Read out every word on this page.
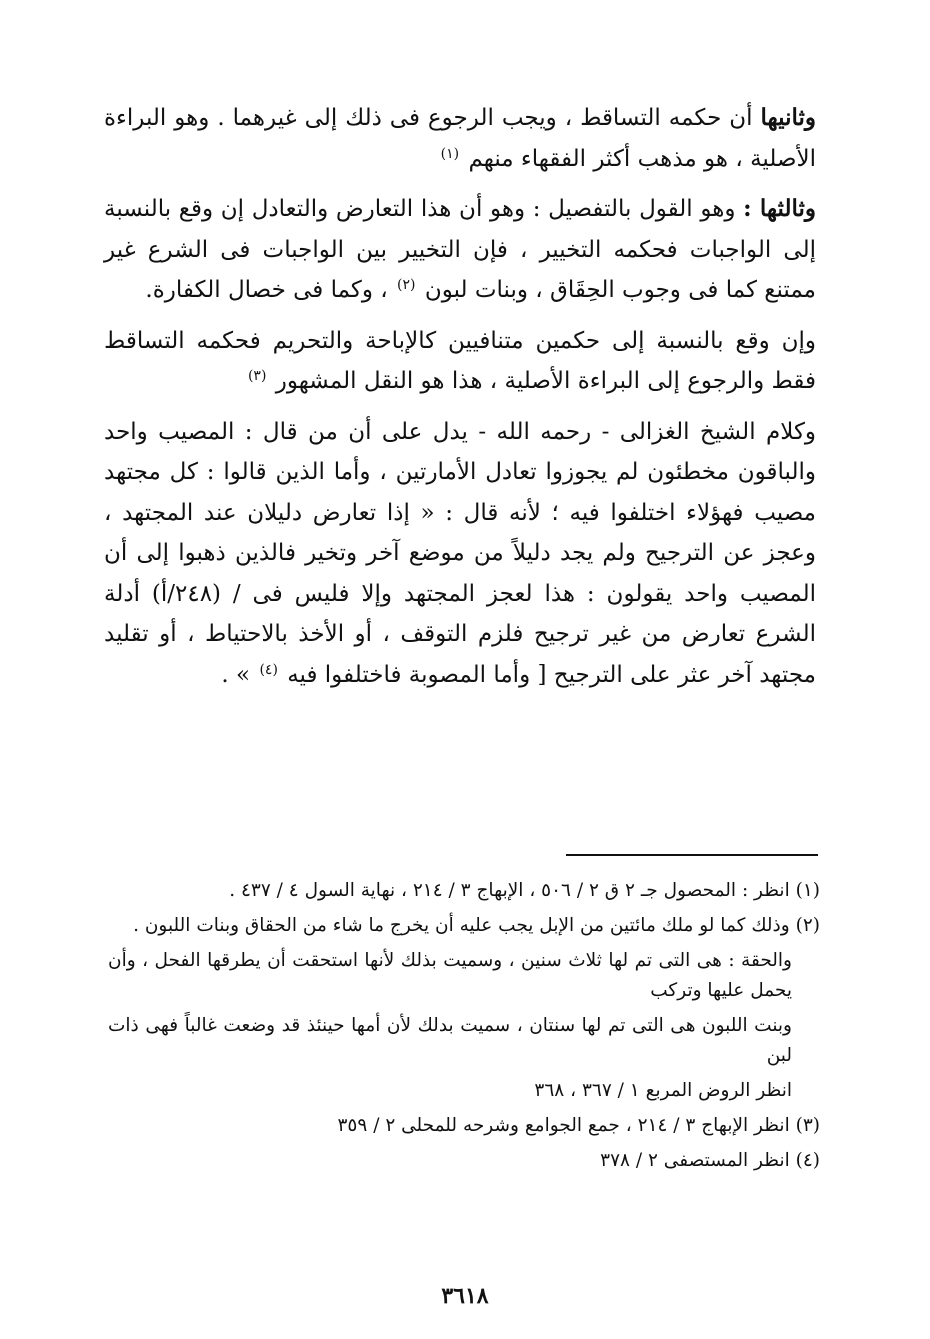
وثانيها أن حكمه التساقط ، ويجب الرجوع فى ذلك إلى غيرهما . وهو البراءة الأصلية ، هو مذهب أكثر الفقهاء منهم $^{(١)}$

وثالثها : وهو القول بالتفصيل : وهو أن هذا التعارض والتعادل إن وقع بالنسبة إلى الواجبات فحكمه التخيير ، فإن التخيير بين الواجبات فى الشرع غير ممتنع كما فى وجوب الحِقَاق ، وبنات لبون $^{(٢)}$ ، وكما فى خصال الكفارة.

وإن وقع بالنسبة إلى حكمين متنافيين كالإباحة والتحريم فحكمه التساقط فقط والرجوع إلى البراءة الأصلية ، هذا هو النقل المشهور $^{(٣)}$

وكلام الشيخ الغزالى - رحمه الله - يدل على أن من قال : المصيب واحد والباقون مخطئون لم يجوزوا تعادل الأمارتين ، وأما الذين قالوا : كل مجتهد مصيب فهؤلاء اختلفوا فيه ؛ لأنه قال : « إذا تعارض دليلان عند المجتهد ، وعجز عن الترجيح ولم يجد دليلاً من موضع آخر وتخير فالذين ذهبوا إلى أن المصيب واحد يقولون : هذا لعجز المجتهد وإلا فليس فى / (٢٤٨/أ) أدلة الشرع تعارض من غير ترجيح فلزم التوقف ، أو الأخذ بالاحتياط ، أو تقليد مجتهد آخر عثر على الترجيح [ وأما المصوبة فاختلفوا فيه $^{(٤)}$ » .

(١) انظر : المحصول جـ ٢ ق ٢ / ٥٠٦ ، الإبهاج ٣ / ٢١٤ ، نهاية السول ٤ / ٤٣٧ .

(٢) وذلك كما لو ملك مائتين من الإبل يجب عليه أن يخرج ما شاء من الحقاق وبنات اللبون .

والحقة : هى التى تم لها ثلاث سنين ، وسميت بذلك لأنها استحقت أن يطرقها الفحل ، وأن يحمل عليها وتركب

وبنت اللبون هى التى تم لها سنتان ، سميت بدلك لأن أمها حينئذ قد وضعت غالباً فهى ذات لبن

انظر الروض المربع ١ / ٣٦٧ ، ٣٦٨

(٣) انظر الإبهاج ٣ / ٢١٤ ، جمع الجوامع وشرحه للمحلى ٢ / ٣٥٩

(٤) انظر المستصفى ٢ / ٣٧٨

٣٦١٨
